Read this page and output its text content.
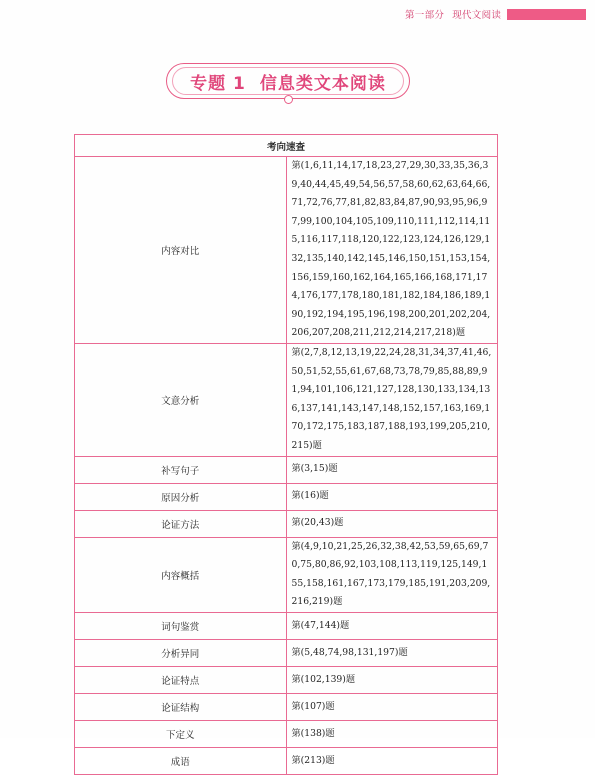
第一部分 现代文阅读
专题 1 信息类文本阅读
考向速查	
内容对比	第(1,6,11,14,17,18,23,27,29,30,33,35,36,39,40,44,45,49,54,56,57,58,60,62,63,64,66,71,72,76,77,81,82,83,84,87,90,93,95,96,97,99,100,104,105,109,110,111,112,114,115,116,117,118,120,122,123,124,126,129,132,135,140,142,145,146,150,151,153,154,156,159,160,162,164,165,166,168,171,174,176,177,178,180,181,182,184,186,189,190,192,194,195,196,198,200,201,202,204,206,207,208,211,212,214,217,218)题
文意分析	第(2,7,8,12,13,19,22,24,28,31,34,37,41,46,50,51,52,55,61,67,68,73,78,79,85,88,89,91,94,101,106,121,127,128,130,133,134,136,137,141,143,147,148,152,157,163,169,170,172,175,183,187,188,193,199,205,210,215)题
补写句子	第(3,15)题
原因分析	第(16)题
论证方法	第(20,43)题
内容概括	第(4,9,10,21,25,26,32,38,42,53,59,65,69,70,75,80,86,92,103,108,113,119,125,149,155,158,161,167,173,179,185,191,203,209,216,219)题
词句鉴赏	第(47,144)题
分析异同	第(5,48,74,98,131,197)题
论证特点	第(102,139)题
论证结构	第(107)题
下定义	第(138)题
成语	第(213)题
